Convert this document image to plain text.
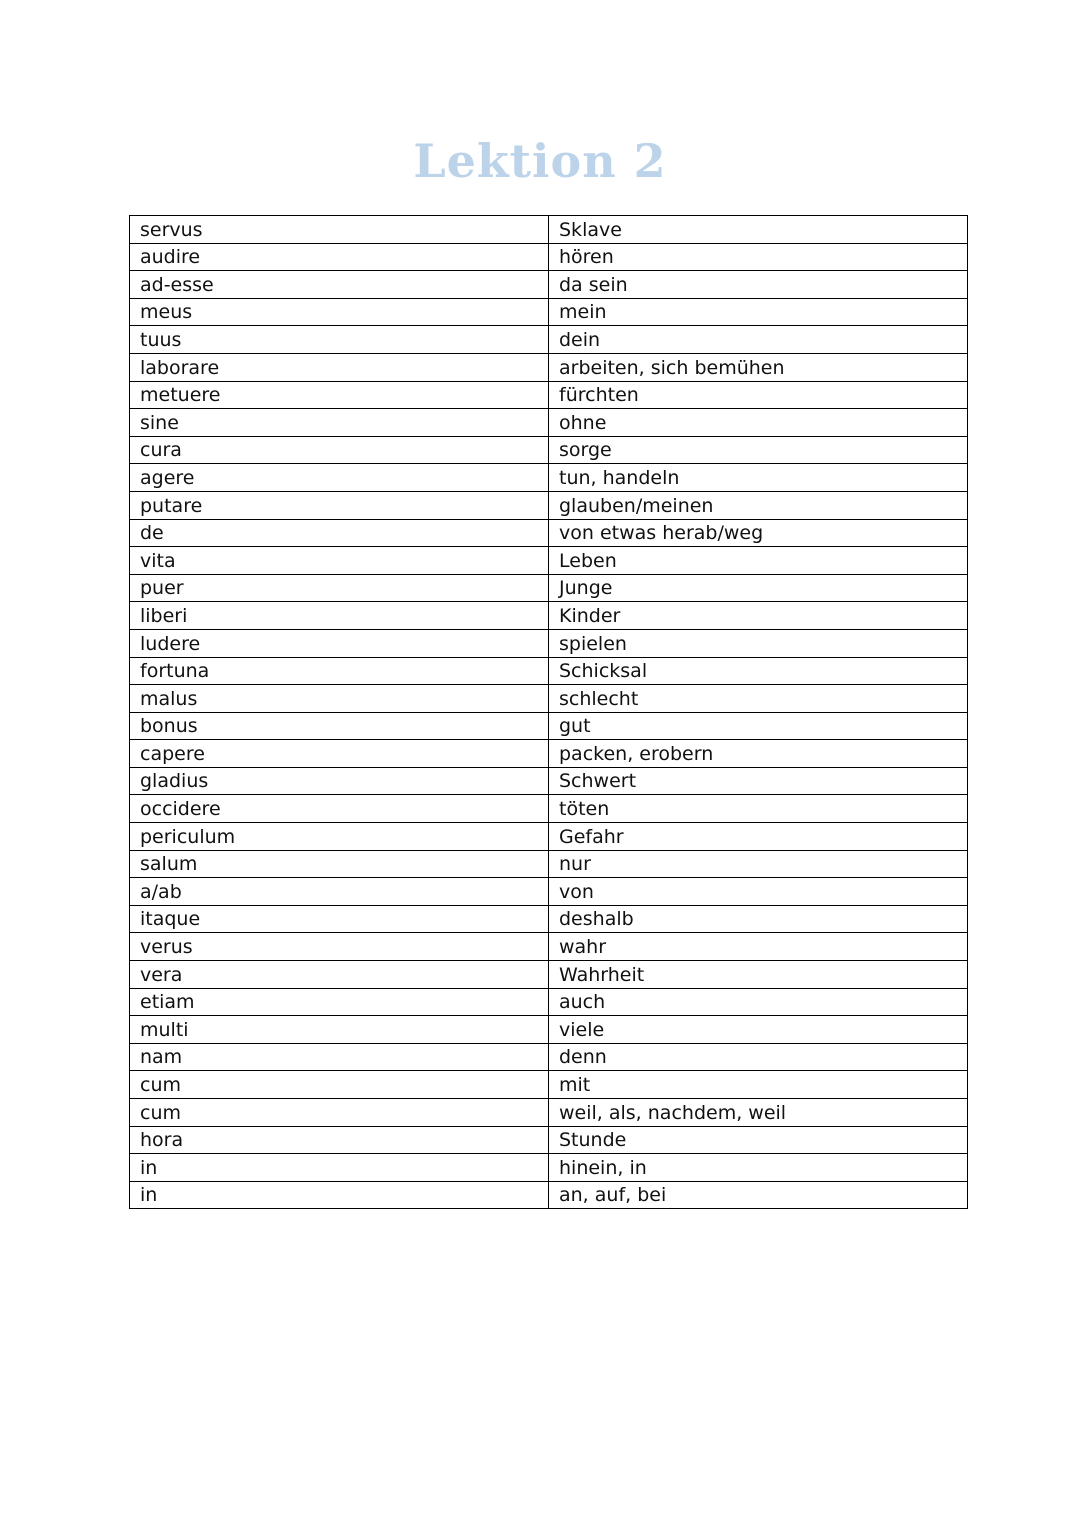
Lektion 2
servus	Sklave
audire	hören
ad-esse	da sein
meus	mein
tuus	dein
laborare	arbeiten, sich bemühen
metuere	fürchten
sine	ohne
cura	sorge
agere	tun, handeln
putare	glauben/meinen
de	von etwas herab/weg
vita	Leben
puer	Junge
liberi	Kinder
ludere	spielen
fortuna	Schicksal
malus	schlecht
bonus	gut
capere	packen, erobern
gladius	Schwert
occidere	töten
periculum	Gefahr
salum	nur
a/ab	von
itaque	deshalb
verus	wahr
vera	Wahrheit
etiam	auch
multi	viele
nam	denn
cum	mit
cum	weil, als, nachdem, weil
hora	Stunde
in	hinein, in
in	an, auf, bei
